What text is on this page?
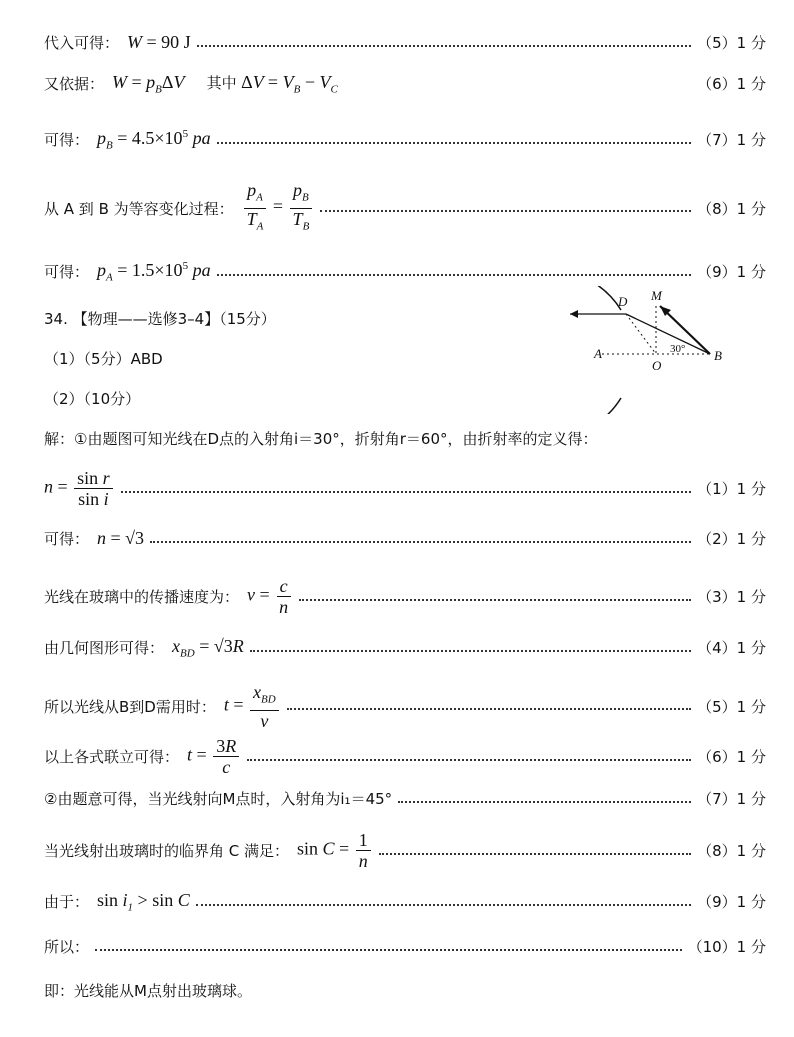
代入可得： W = 90 J	（5）1 分
又依据： $W = p_B\Delta V$ 其中 $\Delta V = V_B - V_C$	（6）1 分
可得： $p_B = 4.5\times 10^5$ pa	（7）1 分
从 A 到 B 为等容变化过程： $\frac{p_A}{T_A} = \frac{p_B}{T_B}$	（8）1 分
可得： $p_A = 1.5\times 10^5$ pa	（9）1 分
34. 【物理——选修3–4】（15分）
（1）（5分）ABD
（2）（10分）
解：①由题图可知光线在D点的入射角i＝30°，折射角r＝60°，由折射率的定义得：
D M
A
O
B
30°
$n = \frac{\text{sin r}}{\text{sin i}}$	（1）1 分
可得： n = √3	（2）1 分
光线在玻璃中的传播速度为： $v = \frac{c}{n}$	（3）1 分
由几何图形可得： $x_{BD} = √3R$	（4）1 分
所以光线从B到D需用时： $t = \frac{x_{BD}}{v}$	（5）1 分
以上各式联立可得： $t = \frac{3R}{c}$	（6）1 分
②由题意可得，当光线射向M点时，入射角为i₁＝45°	（7）1 分
当光线射出玻璃时的临界角 C 满足： $\sin C = \frac{1}{n}$	（8）1 分
由于： $\sin i_1 > \sin C$	（9）1 分
所以：	（10）1 分
即：光线能从M点射出玻璃球。
